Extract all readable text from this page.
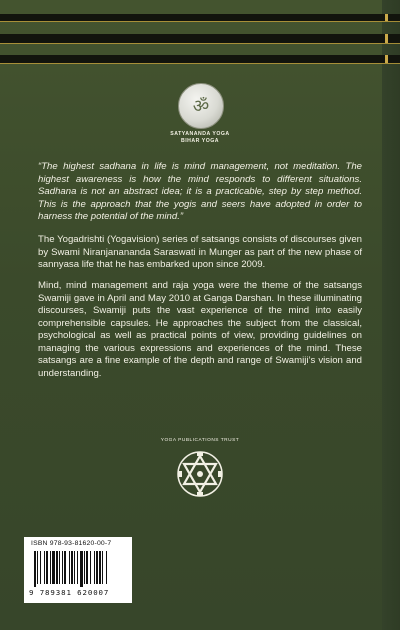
ॐ
SATYANANDA YOGA
BIHAR YOGA
“The highest sadhana in life is mind management, not meditation. The highest awareness is how the mind responds to different situations. Sadhana is not an abstract idea; it is a practicable, step by step method. This is the approach that the yogis and seers have adopted in order to harness the potential of the mind.”
The Yogadrishti (Yogavision) series of satsangs consists of discourses given by Swami Niranjanananda Saraswati in Munger as part of the new phase of sannyasa life that he has embarked upon since 2009.
Mind, mind management and raja yoga were the theme of the satsangs Swamiji gave in April and May 2010 at Ganga Darshan. In these illuminating discourses, Swamiji puts the vast experience of the mind into easily comprehensible capsules. He approaches the subject from the classical, psychological as well as practical points of view, providing guidelines on managing the various expressions and experiences of the mind. These satsangs are a fine example of the depth and range of Swamiji’s vision and understanding.
YOGA PUBLICATIONS TRUST
ISBN 978-93-81620-00-7
9 789381 620007
